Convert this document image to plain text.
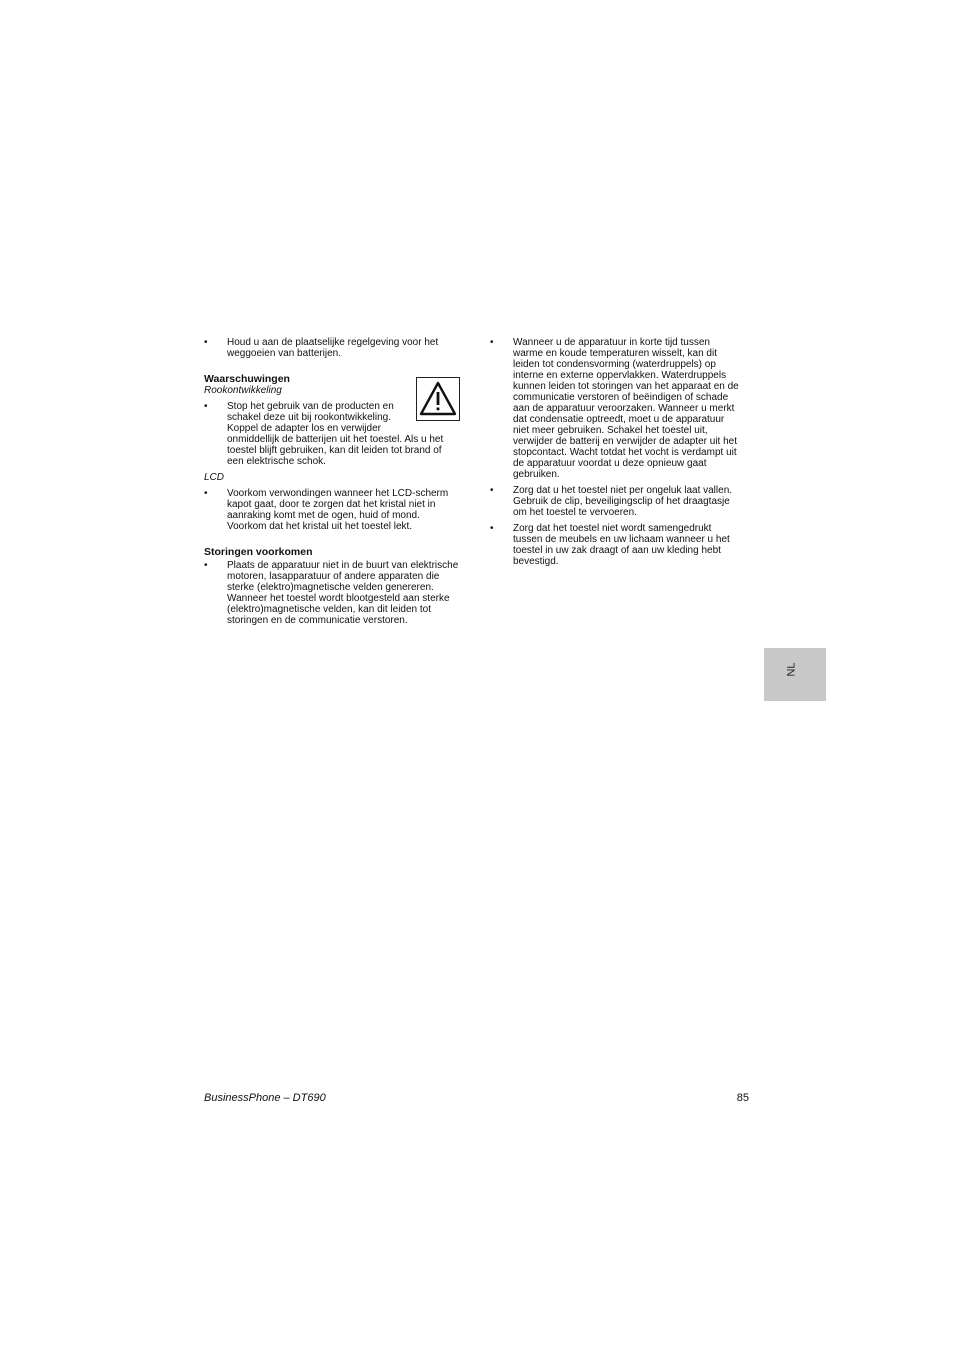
•	Houd u aan de plaatselijke regelgeving voor het
weggoeien van batterijen.
Waarschuwingen
Rookontwikkeling
•	Stop het gebruik van de producten en
schakel deze uit bij rookontwikkeling.
Koppel de adapter los en verwijder
onmiddellijk de batterijen uit het toestel. Als u het
toestel blijft gebruiken, kan dit leiden tot brand of
een elektrische schok.
LCD
•	Voorkom verwondingen wanneer het LCD-scherm
kapot gaat, door te zorgen dat het kristal niet in
aanraking komt met de ogen, huid of mond.
Voorkom dat het kristal uit het toestel lekt.
Storingen voorkomen
•	Plaats de apparatuur niet in de buurt van elektrische
motoren, lasapparatuur of andere apparaten die
sterke (elektro)magnetische velden genereren.
Wanneer het toestel wordt blootgesteld aan sterke
(elektro)magnetische velden, kan dit leiden tot
storingen en de communicatie verstoren.
•	Wanneer u de apparatuur in korte tijd tussen
warme en koude temperaturen wisselt, kan dit
leiden tot condensvorming (waterdruppels) op
interne en externe oppervlakken. Waterdruppels
kunnen leiden tot storingen van het apparaat en de
communicatie verstoren of beëindigen of schade
aan de apparatuur veroorzaken. Wanneer u merkt
dat condensatie optreedt, moet u de apparatuur
niet meer gebruiken. Schakel het toestel uit,
verwijder de batterij en verwijder de adapter uit het
stopcontact. Wacht totdat het vocht is verdampt uit
de apparatuur voordat u deze opnieuw gaat
gebruiken.
•	Zorg dat u het toestel niet per ongeluk laat vallen.
Gebruik de clip, beveiligingsclip of het draagtasje
om het toestel te vervoeren.
•	Zorg dat het toestel niet wordt samengedrukt
tussen de meubels en uw lichaam wanneer u het
toestel in uw zak draagt of aan uw kleding hebt
bevestigd.
NL
BusinessPhone – DT690	85
